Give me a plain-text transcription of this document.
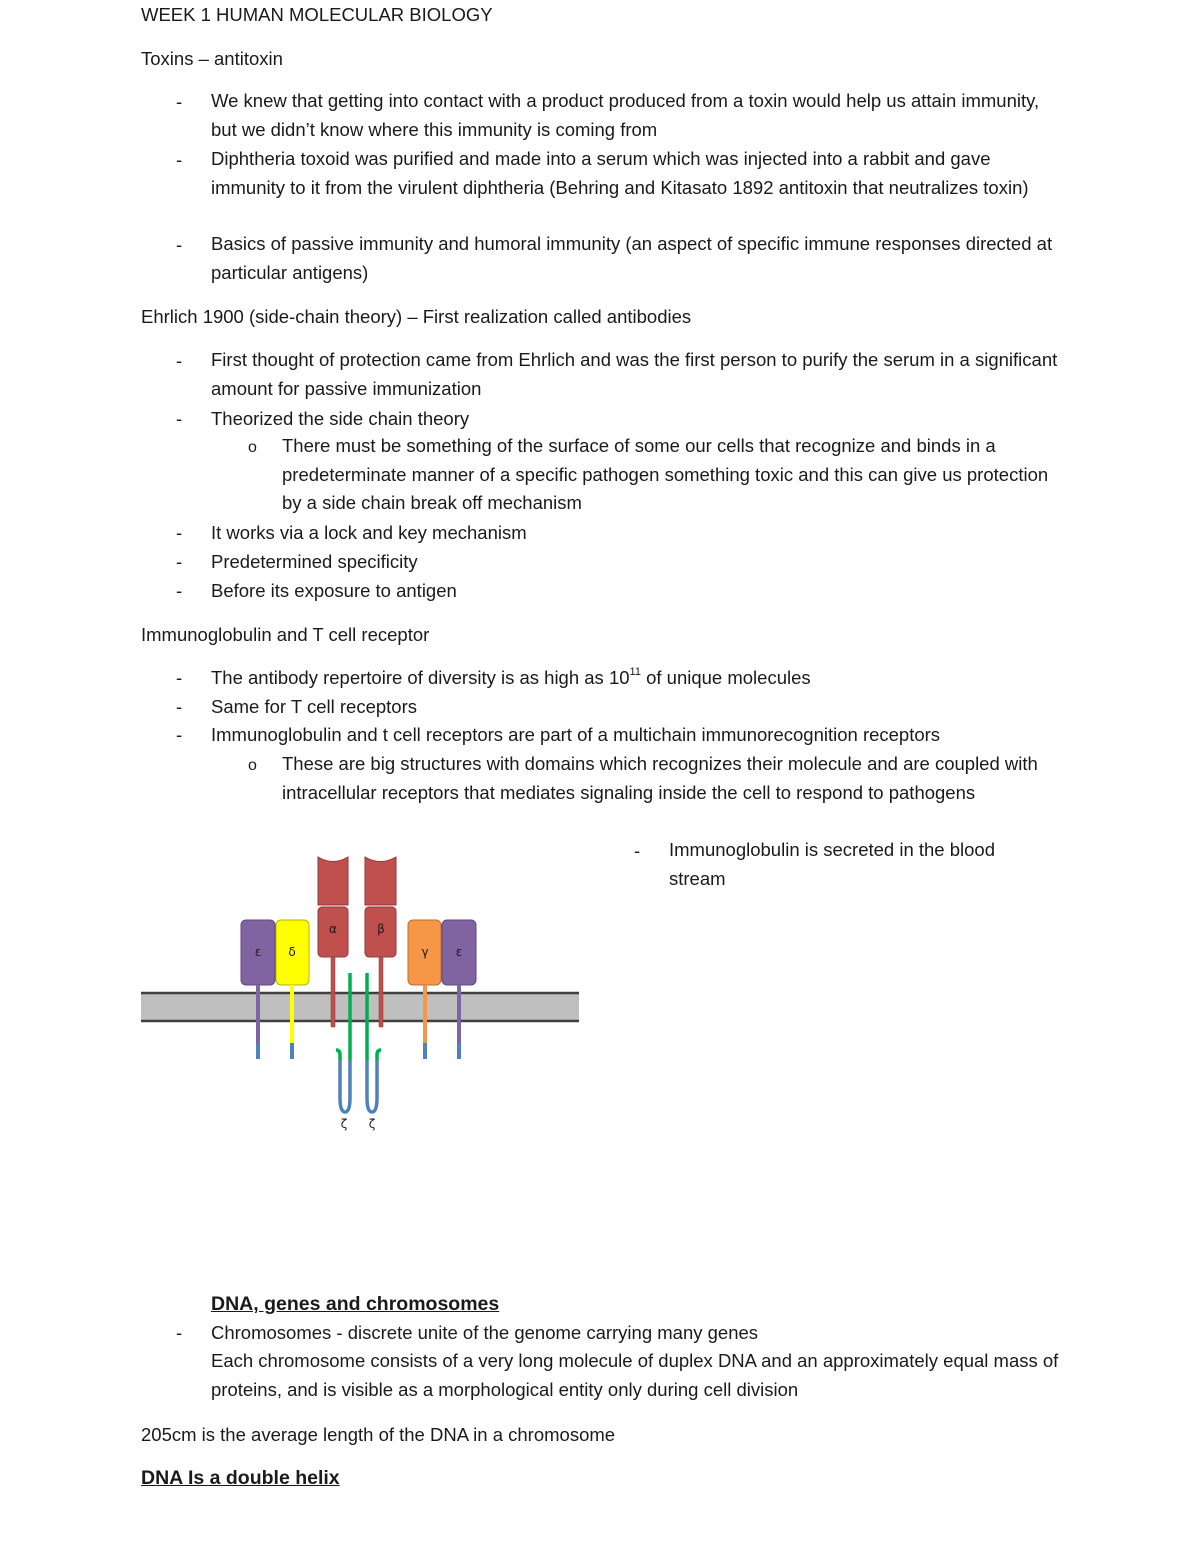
WEEK 1 HUMAN MOLECULAR BIOLOGY
Toxins – antitoxin
- We knew that getting into contact with a product produced from a toxin would help us attain immunity, but we didn’t know where this immunity is coming from
- Diphtheria toxoid was purified and made into a serum which was injected into a rabbit and gave immunity to it from the virulent diphtheria (Behring and Kitasato 1892 antitoxin that neutralizes toxin)
- Basics of passive immunity and humoral immunity (an aspect of specific immune responses directed at particular antigens)
Ehrlich 1900 (side-chain theory) – First realization called antibodies
- First thought of protection came from Ehrlich and was the first person to purify the serum in a significant amount for passive immunization
- Theorized the side chain theory
o There must be something of the surface of some our cells that recognize and binds in a predeterminate manner of a specific pathogen something toxic and this can give us protection by a side chain break off mechanism
- It works via a lock and key mechanism
- Predetermined specificity
- Before its exposure to antigen
Immunoglobulin and T cell receptor
- The antibody repertoire of diversity is as high as $10^{11}$ of unique molecules
- Same for T cell receptors
- Immunoglobulin and t cell receptors are part of a multichain immunorecognition receptors
o These are big structures with domains which recognizes their molecule and are coupled with intracellular receptors that mediates signaling inside the cell to respond to pathogens
- Immunoglobulin is secreted in the blood stream
ε δ
α	β
ζ ζ
γ ε
DNA, genes and chromosomes
- Chromosomes - discrete unite of the genome carrying many genes
Each chromosome consists of a very long molecule of duplex DNA and an approximately equal mass of proteins, and is visible as a morphological entity only during cell division
205cm is the average length of the DNA in a chromosome
DNA Is a double helix
